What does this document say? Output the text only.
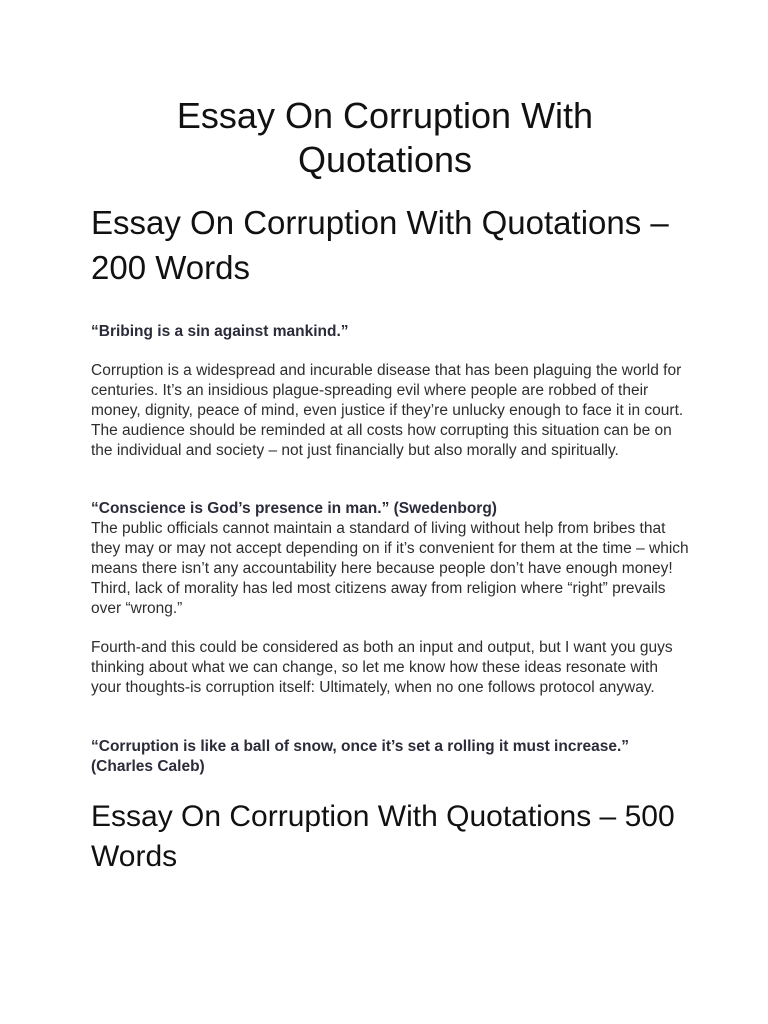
Essay On Corruption With Quotations
Essay On Corruption With Quotations – 200 Words

“Bribing is a sin against mankind.”

Corruption is a widespread and incurable disease that has been plaguing the world for centuries. It’s an insidious plague-spreading evil where people are robbed of their money, dignity, peace of mind, even justice if they’re unlucky enough to face it in court. The audience should be reminded at all costs how corrupting this situation can be on the individual and society – not just financially but also morally and spiritually.

“Conscience is God’s presence in man.” (Swedenborg)

The public officials cannot maintain a standard of living without help from bribes that they may or may not accept depending on if it’s convenient for them at the time – which means there isn’t any accountability here because people don’t have enough money! Third, lack of morality has led most citizens away from religion where “right” prevails over “wrong.”

Fourth-and this could be considered as both an input and output, but I want you guys thinking about what we can change, so let me know how these ideas resonate with your thoughts-is corruption itself: Ultimately, when no one follows protocol anyway.

“Corruption is like a ball of snow, once it’s set a rolling it must increase.” (Charles Caleb)

Essay On Corruption With Quotations – 500 Words
